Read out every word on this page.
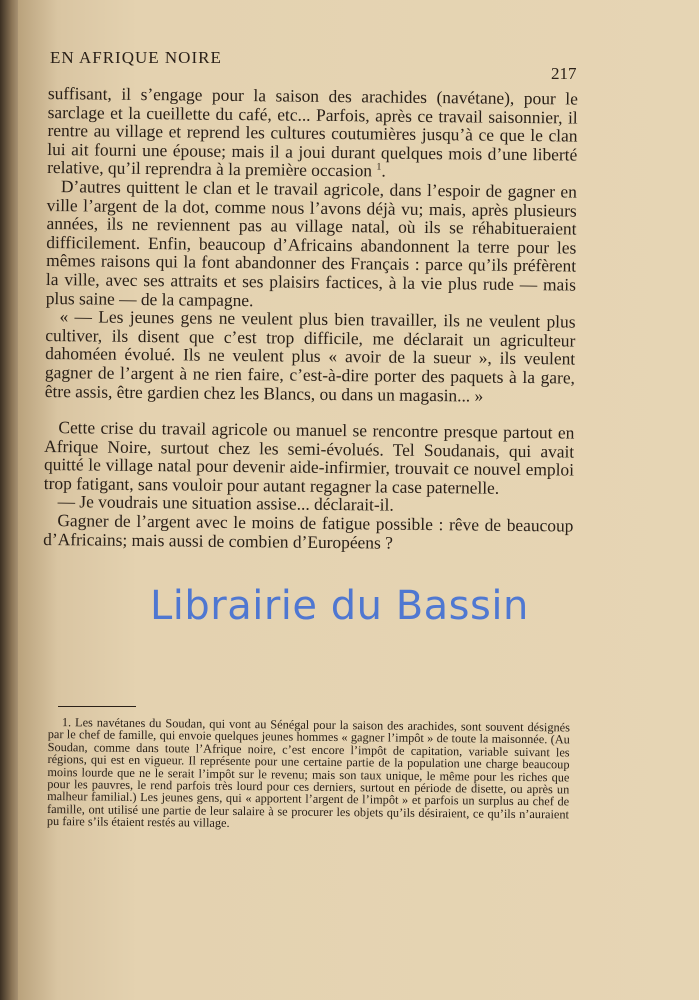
EN AFRIQUE NOIRE
217

suffisant, il s’engage pour la saison des arachides (navétane), pour le sarclage et la cueillette du café, etc... Parfois, après ce travail saisonnier, il rentre au village et reprend les cultures coutumières jusqu’à ce que le clan lui ait fourni une épouse; mais il a joui durant quelques mois d’une liberté relative, qu’il reprendra à la première occasion $^1$.

D’autres quittent le clan et le travail agricole, dans l’espoir de gagner en ville l’argent de la dot, comme nous l’avons déjà vu; mais, après plusieurs années, ils ne reviennent pas au village natal, où ils se réhabitueraient difficilement. Enfin, beaucoup d’Africains abandonnent la terre pour les mêmes raisons qui la font abandonner des Français : parce qu’ils préfèrent la ville, avec ses attraits et ses plaisirs factices, à la vie plus rude — mais plus saine — de la campagne.

« — Les jeunes gens ne veulent plus bien travailler, ils ne veulent plus cultiver, ils disent que c’est trop difficile, me déclarait un agriculteur dahoméen évolué. Ils ne veulent plus « avoir de la sueur », ils veulent gagner de l’argent à ne rien faire, c’est-à-dire porter des paquets à la gare, être assis, être gardien chez les Blancs, ou dans un magasin... »

Cette crise du travail agricole ou manuel se rencontre presque partout en Afrique Noire, surtout chez les semi-évolués. Tel Soudanais, qui avait quitté le village natal pour devenir aide-infirmier, trouvait ce nouvel emploi trop fatigant, sans vouloir pour autant regagner la case paternelle.

— Je voudrais une situation assise... déclarait-il.

Gagner de l’argent avec le moins de fatigue possible : rêve de beaucoup d’Africains; mais aussi de combien d’Européens ?

1. Les navétanes du Soudan, qui vont au Sénégal pour la saison des arachides, sont souvent désignés par le chef de famille, qui envoie quelques jeunes hommes « gagner l’impôt » de toute la maisonnée. (Au Soudan, comme dans toute l’Afrique noire, c’est encore l’impôt de capitation, variable suivant les régions, qui est en vigueur. Il représente pour une certaine partie de la population une charge beaucoup moins lourde que ne le serait l’impôt sur le revenu; mais son taux unique, le même pour les riches que pour les pauvres, le rend parfois très lourd pour ces derniers, surtout en période de disette, ou après un malheur familial.) Les jeunes gens, qui « apportent l’argent de l’impôt » et parfois un surplus au chef de famille, ont utilisé une partie de leur salaire à se procurer les objets qu’ils désiraient, ce qu’ils n’auraient pu faire s’ils étaient restés au village.

Librairie du Bassin
